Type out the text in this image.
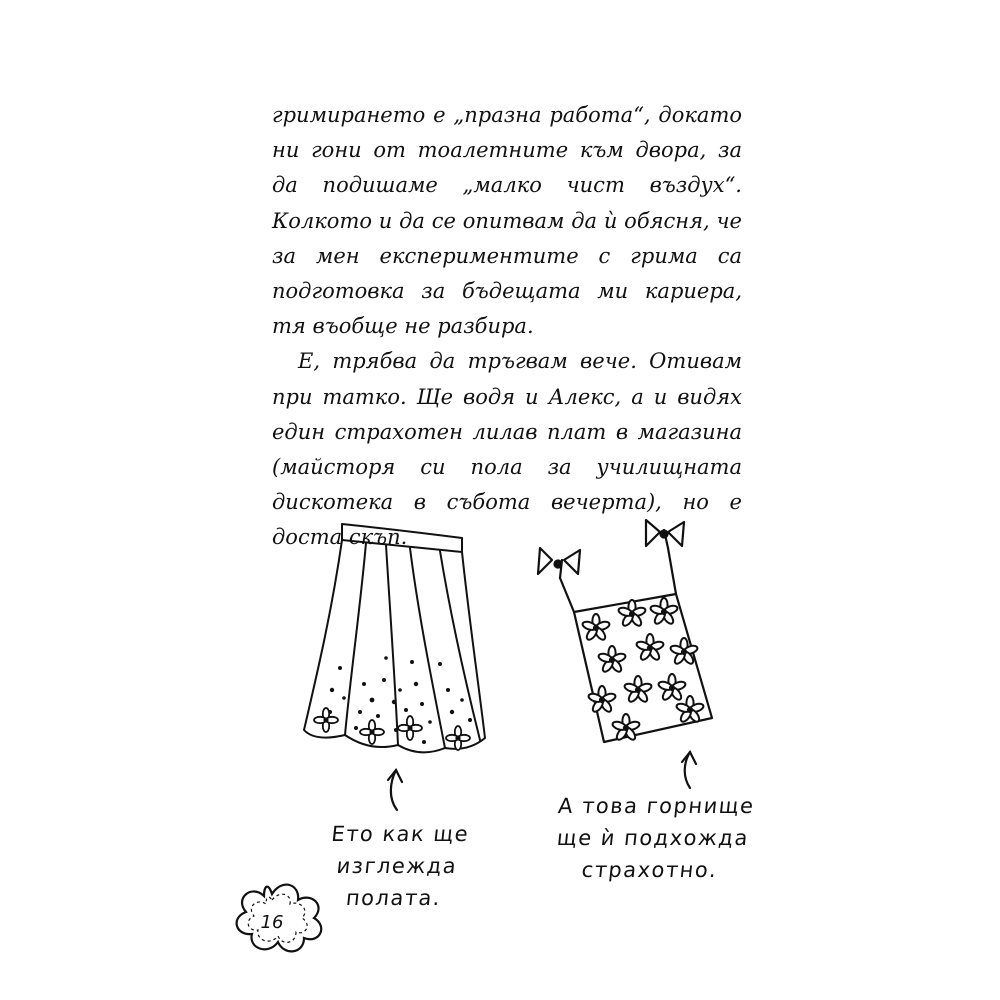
гримирането е „празна работа“, докато ни гони от тоалетните към двора, за да подишаме „малко чист въздух“. Колкото и да се опитвам да ѝ обясня, че за мен експериментите с грима са подготовка за бъдещата ми кариера, тя въобще не разбира.

Е, трябва да тръгвам вече. Отивам при татко. Ще водя и Алекс, а и видях един страхотен лилав плат в магазина (майсторя си пола за училищната дискотека в събота вечерта), но е доста скъп.

Ето как ще
изглежда полата.
А това горнище
ще ѝ подхожда
страхотно.
16
